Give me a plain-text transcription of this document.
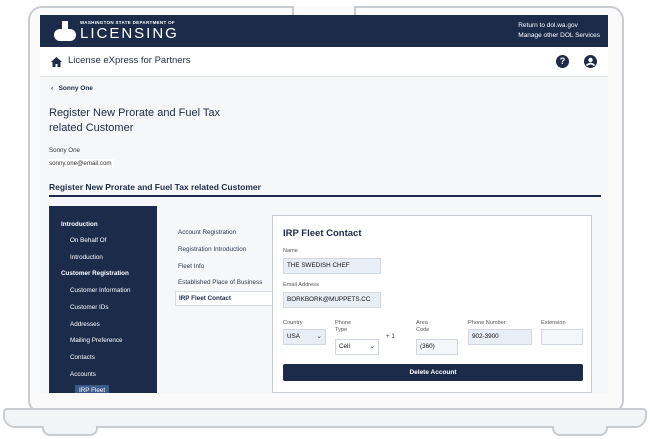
WASHINGTON STATE DEPARTMENT OF
LICENSING	Return to dol.wa.gov
Manage other DOL Services
License eXpress for Partners	?
‹ Sonny One
Register New Prorate and Fuel Tax related Customer
Sonny One
sonny.one@email.com
Register New Prorate and Fuel Tax related Customer
Introduction
On Behalf Of
Introduction
Customer Registration
Customer Information
Customer IDs
Addresses
Mailing Preference
Contacts
Accounts
IRP Fleet
Account Registration
Registration Introduction
Fleet Info
Established Place of Business
IRP Fleet Contact
IRP Fleet Contact
Name
THE SWEDISH CHEF
Email Address
BORKBORK@MUPPETS.CC
Country
USA	⌄
Phone Type
Cell	⌄
+ 1
Area Code
(360)
Phone Number
902-3900
Extension
Delete Account
